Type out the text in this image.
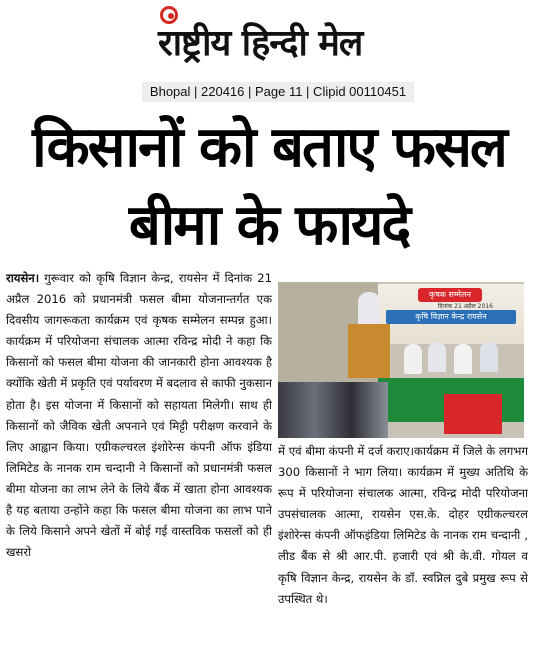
राष्ट्रीय हिन्दी मेल
Bhopal | 220416 | Page 11 | Clipid 00110451
किसानों को बताए फसल
बीमा के फायदे
रायसेन। गुरूवार को कृषि विज्ञान केन्द्र, रायसेन में दिनांक 21 अप्रैल 2016 को प्रधानमंत्री फसल बीमा योजनान्तर्गत एक दिवसीय जागरूकता कार्यक्रम एवं कृषक सम्मेलन सम्पन्न हुआ। कार्यक्रम में परियोजना संचालक आत्मा रविन्द्र मोदी ने कहा कि किसानों को फसल बीमा योजना की जानकारी होना आवश्यक है क्योंकि खेती में प्रकृति एवं पर्यावरण में बदलाव से काफी नुकसान होता है। इस योजना में किसानों को सहायता मिलेगी। साथ ही किसानों को जैविक खेती अपनाने एवं मिट्टी परीक्षण करवाने के लिए आह्वान किया। एग्रीकल्चरल इंशोरेन्स कंपनी ऑफ इंडिया लिमिटेड के नानक राम चन्दानी ने किसानों को प्रधानमंत्री फसल बीमा योजना का लाभ लेने के लिये बैंक में खाता होना आवश्यक है यह बताया उन्होंने कहा कि फसल बीमा योजना का लाभ पाने के लिये किसाने अपने खेतों में बोई गई वास्तविक फसलों को ही खसरो
कृषक सम्मेलन
दिनांक 21 अप्रैल 2016
कृषि विज्ञान केन्द्र रायसेन
में एवं बीमा कंपनी में दर्ज कराए।कार्यक्रम में जिले के लगभग 300 किसानों ने भाग लिया। कार्यक्रम में मुख्य अतिथि के रूप में परियोजना संचालक आत्मा, रविन्द्र मोदी परियोजना उपसंचालक आत्मा, रायसेन एस.के. दोहर एग्रीकल्चरल इंशोरेन्स कंपनी ऑफइंडिया लिमिटेड के नानक राम चन्दानी , लीड बैंक से श्री आर.पी. हजारी एवं श्री के.वी. गोयल व कृषि विज्ञान केन्द्र, रायसेन के डॉ. स्वप्निल दुबे प्रमुख रूप से उपस्थित थे।
